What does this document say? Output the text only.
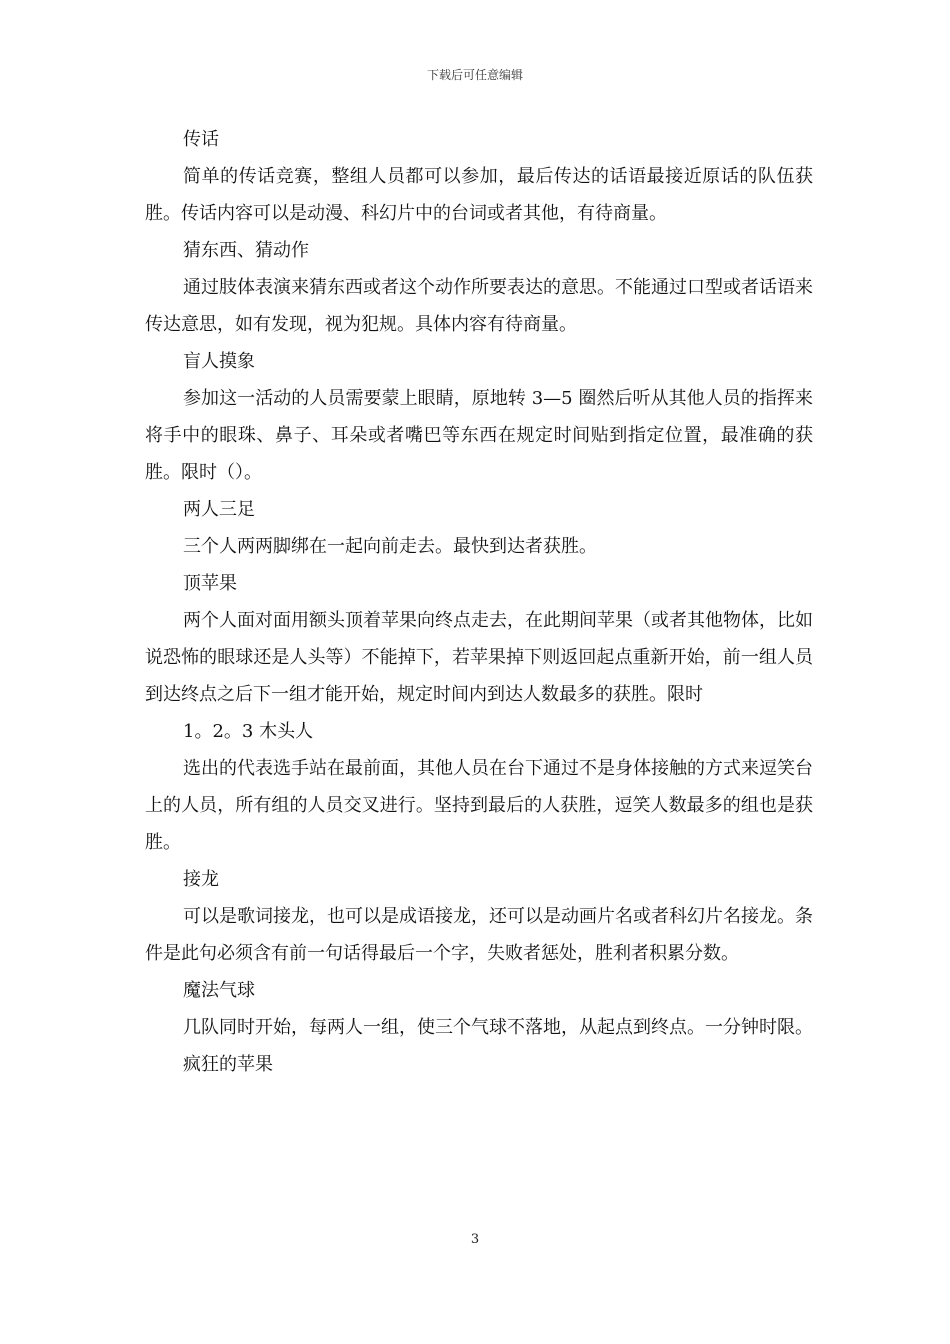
下载后可任意编辑

传话

简单的传话竞赛，整组人员都可以参加，最后传达的话语最接近原话的队伍获胜。传话内容可以是动漫、科幻片中的台词或者其他，有待商量。

猜东西、猜动作

通过肢体表演来猜东西或者这个动作所要表达的意思。不能通过口型或者话语来传达意思，如有发现，视为犯规。具体内容有待商量。

盲人摸象

参加这一活动的人员需要蒙上眼睛，原地转 3—5 圈然后听从其他人员的指挥来将手中的眼珠、鼻子、耳朵或者嘴巴等东西在规定时间贴到指定位置，最准确的获胜。限时（）。

两人三足

三个人两两脚绑在一起向前走去。最快到达者获胜。

顶苹果

两个人面对面用额头顶着苹果向终点走去，在此期间苹果（或者其他物体，比如说恐怖的眼球还是人头等）不能掉下，若苹果掉下则返回起点重新开始，前一组人员到达终点之后下一组才能开始，规定时间内到达人数最多的获胜。限时

1。2。3 木头人

选出的代表选手站在最前面，其他人员在台下通过不是身体接触的方式来逗笑台上的人员，所有组的人员交叉进行。坚持到最后的人获胜，逗笑人数最多的组也是获胜。

接龙

可以是歌词接龙，也可以是成语接龙，还可以是动画片名或者科幻片名接龙。条件是此句必须含有前一句话得最后一个字，失败者惩处，胜利者积累分数。

魔法气球

几队同时开始，每两人一组，使三个气球不落地，从起点到终点。一分钟时限。

疯狂的苹果

3
